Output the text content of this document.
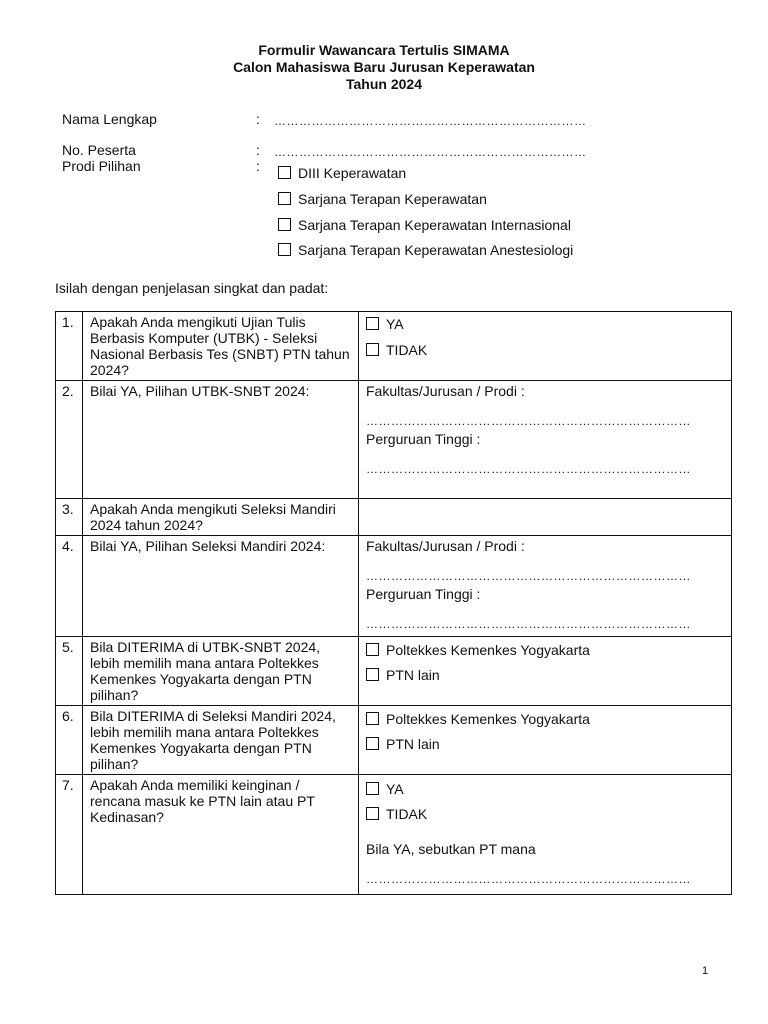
Formulir Wawancara Tertulis SIMAMA
Calon Mahasiswa Baru Jurusan Keperawatan
Tahun 2024
Nama Lengkap	: …………………………………………………………………
No. Peserta	: …………………………………………………………………
Prodi Pilihan	:	DIII Keperawatan
Sarjana Terapan Keperawatan
Sarjana Terapan Keperawatan Internasional
Sarjana Terapan Keperawatan Anestesiologi
Isilah dengan penjelasan singkat dan padat:
1.	Apakah Anda mengikuti Ujian Tulis Berbasis Komputer (UTBK) - Seleksi Nasional Berbasis Tes (SNBT) PTN tahun 2024?	YA
TIDAK

2.	Bilai YA, Pilihan UTBK-SNBT 2024:	Fakultas/Jurusan / Prodi :
……………………………………………………………………
Perguruan Tinggi :
……………………………………………………………………

3.	Apakah Anda mengikuti Seleksi Mandiri 2024 tahun 2024?	
4.	Bilai YA, Pilihan Seleksi Mandiri 2024:	Fakultas/Jurusan / Prodi :
……………………………………………………………………
Perguruan Tinggi :
……………………………………………………………………

5.	Bila DITERIMA di UTBK-SNBT 2024, lebih memilih mana antara Poltekkes Kemenkes Yogyakarta dengan PTN pilihan?	Poltekkes Kemenkes Yogyakarta
PTN lain

6.	Bila DITERIMA di Seleksi Mandiri 2024, lebih memilih mana antara Poltekkes Kemenkes Yogyakarta dengan PTN pilihan?	Poltekkes Kemenkes Yogyakarta
PTN lain

7.	Apakah Anda memiliki keinginan / rencana masuk ke PTN lain atau PT Kedinasan?	YA
TIDAK
Bila YA, sebutkan PT mana
……………………………………………………………………
1
